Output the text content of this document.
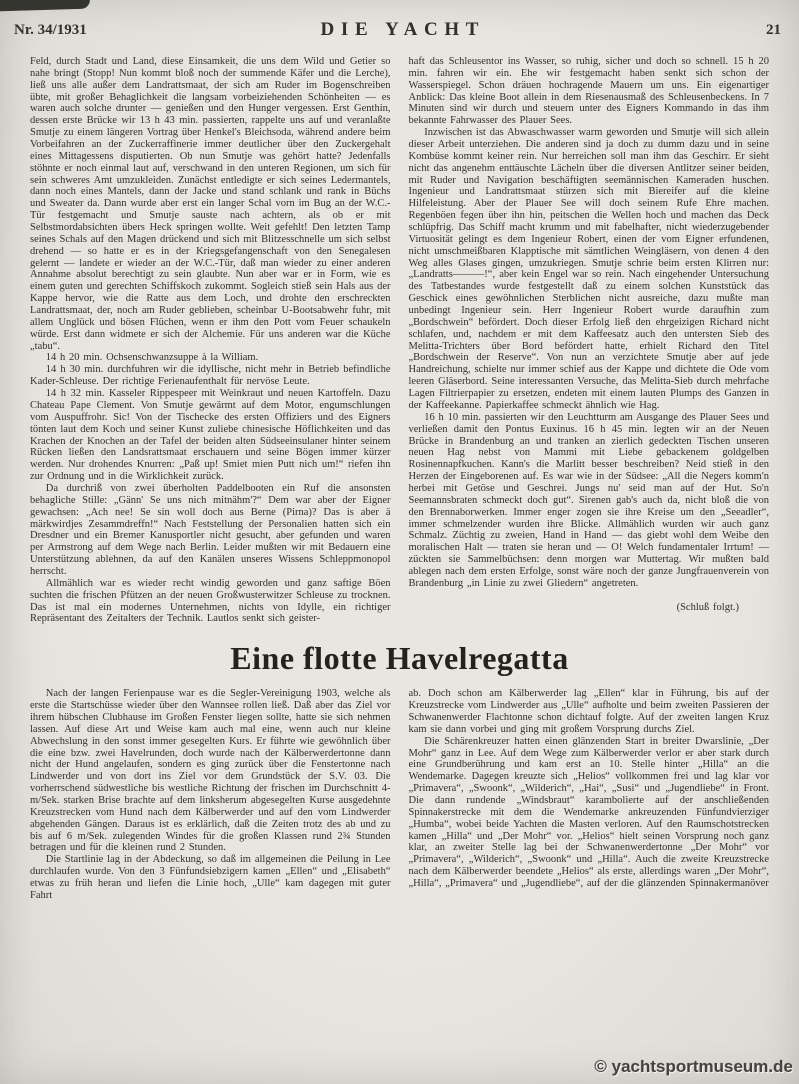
Nr. 34/1931	DIE YACHT	21

Feld, durch Stadt und Land, diese Einsamkeit, die uns dem Wild und Getier so nahe bringt (Stopp! Nun kommt bloß noch der summende Käfer und die Lerche), ließ uns alle außer dem Landrattsmaat, der sich am Ruder im Bogenschreiben übte, mit großer Behaglichkeit die langsam vorbeiziehenden Schönheiten — es waren auch solche drunter — genießen und den Hunger vergessen. Erst Genthin, dessen erste Brücke wir 13 h 43 min. passierten, rappelte uns auf und veranlaßte Smutje zu einem längeren Vortrag über Henkel's Bleichsoda, während andere beim Vorbeifahren an der Zuckerraffinerie immer deutlicher über den Zuckergehalt eines Mittagessens disputierten. Ob nun Smutje was gehört hatte? Jedenfalls stöhnte er noch einmal laut auf, verschwand in den unteren Regionen, um sich für sein schweres Amt umzukleiden. Zunächst entledigte er sich seines Ledermantels, dann noch eines Mantels, dann der Jacke und stand schlank und rank in Büchs und Sweater da. Dann wurde aber erst ein langer Schal vorn im Bug an der W.C.-Tür festgemacht und Smutje sauste nach achtern, als ob er mit Selbstmordabsichten übers Heck springen wollte. Weit gefehlt! Den letzten Tamp seines Schals auf den Magen drückend und sich mit Blitzesschnelle um sich selbst drehend — so hatte er es in der Kriegsgefangenschaft von den Senegalesen gelernt — landete er wieder an der W.C.-Tür, daß man wieder zu einer anderen Annahme absolut berechtigt zu sein glaubte. Nun aber war er in Form, wie es einem guten und gerechten Schiffskoch zukommt. Sogleich stieß sein Hals aus der Kappe hervor, wie die Ratte aus dem Loch, und drohte den erschreckten Landrattsmaat, der, noch am Ruder geblieben, scheinbar U-Bootsabwehr fuhr, mit allem Unglück und bösen Flüchen, wenn er ihm den Pott vom Feuer schaukeln würde. Erst dann widmete er sich der Alchemie. Für uns anderen war die Küche „tabu“.

14 h 20 min. Ochsenschwanzsuppe à la William.

14 h 30 min. durchfuhren wir die idyllische, nicht mehr in Betrieb befindliche Kader-Schleuse. Der richtige Ferienaufenthalt für nervöse Leute.

14 h 32 min. Kasseler Rippespeer mit Weinkraut und neuen Kartoffeln. Dazu Chateau Pape Clement. Von Smutje gewärmt auf dem Motor, engumschlungen vom Auspuffrohr. Sic! Von der Tischecke des ersten Offiziers und des Eigners tönten laut dem Koch und seiner Kunst zuliebe chinesische Höflichkeiten und das Krachen der Knochen an der Tafel der beiden alten Südseeinsulaner hinter seinem Rücken ließen den Landsrattsmaat erschauern und seine Bögen immer kürzer werden. Nur drohendes Knurren: „Paß up! Smiet mien Putt nich um!“ riefen ihn zur Ordnung und in die Wirklichkeit zurück.

Da durchriß von zwei überholten Paddelbooten ein Ruf die ansonsten behagliche Stille: „Gänn' Se uns nich mitnähm'?“ Dem war aber der Eigner gewachsen: „Ach nee! Se sin woll doch aus Berne (Pirna)? Das is aber ä märkwirdjes Zesammdreffn!“ Nach Feststellung der Personalien hatten sich ein Dresdner und ein Bremer Kanusportler nicht gesucht, aber gefunden und waren per Armstrong auf dem Wege nach Berlin. Leider mußten wir mit Bedauern eine Unterstützung ablehnen, da auf den Kanälen unseres Wissens Schleppmonopol herrscht.

Allmählich war es wieder recht windig geworden und ganz saftige Böen suchten die frischen Pfützen an der neuen Großwusterwitzer Schleuse zu trocknen. Das ist mal ein modernes Unternehmen, nichts von Idylle, ein richtiger Repräsentant des Zeitalters der Technik. Lautlos senkt sich geister-

haft das Schleusentor ins Wasser, so ruhig, sicher und doch so schnell. 15 h 20 min. fahren wir ein. Ehe wir festgemacht haben senkt sich schon der Wasserspiegel. Schon dräuen hochragende Mauern um uns. Ein eigenartiger Anblick: Das kleine Boot allein in dem Riesenausmaß des Schleusenbeckens. In 7 Minuten sind wir durch und steuern unter des Eigners Kommando in das ihm bekannte Fahrwasser des Plauer Sees.

Inzwischen ist das Abwaschwasser warm geworden und Smutje will sich allein dieser Arbeit unterziehen. Die anderen sind ja doch zu dumm dazu und in seine Kombüse kommt keiner rein. Nur herreichen soll man ihm das Geschirr. Er sieht nicht das angenehm enttäuschte Lächeln über die diversen Antlitzer seiner beiden, mit Ruder und Navigation beschäftigten seemännischen Kameraden huschen. Ingenieur und Landrattsmaat stürzen sich mit Biereifer auf die kleine Hilfeleistung. Aber der Plauer See will doch seinem Rufe Ehre machen. Regenböen fegen über ihn hin, peitschen die Wellen hoch und machen das Deck schlüpfrig. Das Schiff macht krumm und mit fabelhafter, nicht wiederzugebender Virtuosität gelingt es dem Ingenieur Robert, einen der vom Eigner erfundenen, nicht umschmeißbaren Klapptische mit sämtlichen Weingläsern, von denen 4 den Weg alles Glases gingen, umzukriegen. Smutje schrie beim ersten Klirren nur: „Landratts———!“, aber kein Engel war so rein. Nach eingehender Untersuchung des Tatbestandes wurde festgestellt daß zu einem solchen Kunststück das Geschick eines gewöhnlichen Sterblichen nicht ausreiche, dazu mußte man unbedingt Ingenieur sein. Herr Ingenieur Robert wurde daraufhin zum „Bordschwein“ befördert. Doch dieser Erfolg ließ den ehrgeizigen Richard nicht schlafen, und, nachdem er mit dem Kaffeesatz auch den untersten Sieb des Melitta-Trichters über Bord befördert hatte, erhielt Richard den Titel „Bordschwein der Reserve“. Von nun an verzichtete Smutje aber auf jede Handreichung, schielte nur immer schief aus der Kappe und dichtete die Ode vom leeren Gläserbord. Seine interessanten Versuche, das Melitta-Sieb durch mehrfache Lagen Filtrierpapier zu ersetzen, endeten mit einem lauten Plumps des Ganzen in der Kaffeekanne. Papierkaffee schmeckt ähnlich wie Hag.

16 h 10 min. passierten wir den Leuchtturm am Ausgange des Plauer Sees und verließen damit den Pontus Euxinus. 16 h 45 min. legten wir an der Neuen Brücke in Brandenburg an und tranken an zierlich gedeckten Tischen unseren neuen Hag nebst von Mammi mit Liebe gebackenem goldgelben Rosinennapfkuchen. Kann's die Marlitt besser beschreiben? Neid stieß in den Herzen der Eingeborenen auf. Es war wie in der Südsee: „All die Negers komm'n herbei mit Getöse und Geschrei. Jungs nu' seid man auf der Hut. So'n Seemannsbraten schmeckt doch gut“. Sirenen gab's auch da, nicht bloß die von den Brennaborwerken. Immer enger zogen sie ihre Kreise um den „Seeadler“, immer schmelzender wurden ihre Blicke. Allmählich wurden wir auch ganz Schmalz. Züchtig zu zweien, Hand in Hand — das giebt wohl dem Weibe den moralischen Halt — traten sie heran und — O! Welch fundamentaler Irrtum! — zückten sie Sammelbüchsen: denn morgen war Muttertag. Wir mußten bald ablegen nach dem ersten Erfolge, sonst wäre noch der ganze Jungfrauenverein von Brandenburg „in Linie zu zwei Gliedern“ angetreten.

(Schluß folgt.)

Eine flotte Havelregatta

Nach der langen Ferienpause war es die Segler-Vereinigung 1903, welche als erste die Startschüsse wieder über den Wannsee rollen ließ. Daß aber das Ziel vor ihrem hübschen Clubhause im Großen Fenster liegen sollte, hatte sie sich nehmen lassen. Auf diese Art und Weise kam auch mal eine, wenn auch nur kleine Abwechslung in den sonst immer gesegelten Kurs. Er führte wie gewöhnlich über die eine bzw. zwei Havelrunden, doch wurde nach der Kälberwerdertonne dann nicht der Hund angelaufen, sondern es ging zurück über die Fenstertonne nach Lindwerder und von dort ins Ziel vor dem Grundstück der S.V. 03. Die vorherrschend südwestliche bis westliche Richtung der frischen im Durchschnitt 4-m/Sek. starken Brise brachte auf dem linksherum abgesegelten Kurse ausgedehnte Kreuzstrecken vom Hund nach dem Kälberwerder und auf den vom Lindwerder abgehenden Gängen. Daraus ist es erklärlich, daß die Zeiten trotz des ab und zu bis auf 6 m/Sek. zulegenden Windes für die großen Klassen rund 2¾ Stunden betragen und für die kleinen rund 2 Stunden.

Die Startlinie lag in der Abdeckung, so daß im allgemeinen die Peilung in Lee durchlaufen wurde. Von den 3 Fünfundsiebzigern kamen „Ellen“ und „Elisabeth“ etwas zu früh heran und liefen die Linie hoch, „Ulle“ kam dagegen mit guter Fahrt

ab. Doch schon am Kälberwerder lag „Ellen“ klar in Führung, bis auf der Kreuzstrecke vom Lindwerder aus „Ulle“ aufholte und beim zweiten Passieren der Schwanenwerder Flachtonne schon dichtauf folgte. Auf der zweiten langen Kruz kam sie dann vorbei und ging mit großem Vorsprung durchs Ziel.

Die Schärenkreuzer hatten einen glänzenden Start in breiter Dwarslinie, „Der Mohr“ ganz in Lee. Auf dem Wege zum Kälberwerder verlor er aber stark durch eine Grundberührung und kam erst an 10. Stelle hinter „Hilla“ an die Wendemarke. Dagegen kreuzte sich „Helios“ vollkommen frei und lag klar vor „Primavera“, „Swoonk“, „Wilderich“, „Hai“, „Susi“ und „Jugendliebe“ in Front. Die dann rundende „Windsbraut“ karambolierte auf der anschließenden Spinnakerstrecke mit dem die Wendemarke ankreuzenden Fünfundvierziger „Humba“, wobei beide Yachten die Masten verloren. Auf den Raumschotstrecken kamen „Hilla“ und „Der Mohr“ vor. „Helios“ hielt seinen Vorsprung noch ganz klar, an zweiter Stelle lag bei der Schwanenwerdertonne „Der Mohr“ vor „Primavera“, „Wilderich“, „Swoonk“ und „Hilla“. Auch die zweite Kreuzstrecke nach dem Kälberwerder beendete „Helios“ als erste, allerdings waren „Der Mohr“, „Hilla“, „Primavera“ und „Jugendliebe“, auf der die glänzenden Spinnakermanöver

© yachtsportmuseum.de
